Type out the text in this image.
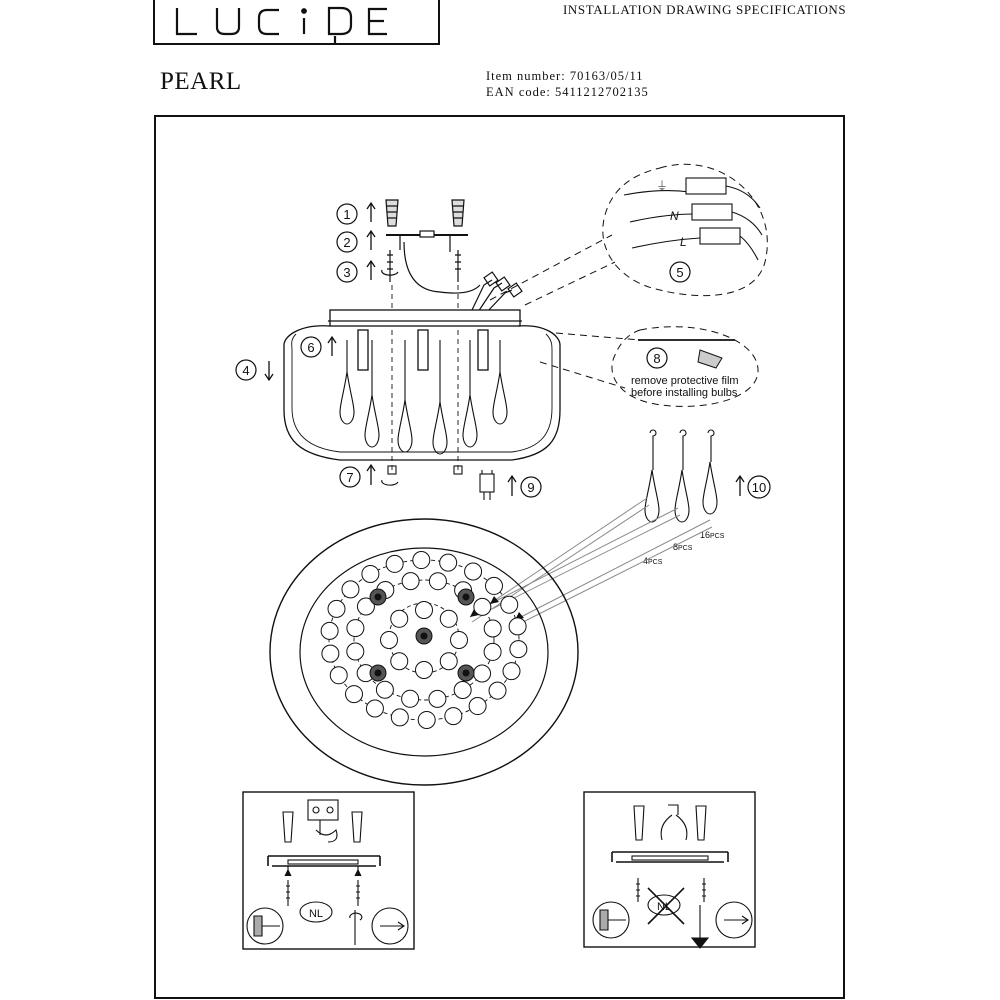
INSTALLATION DRAWING SPECIFICATIONS
PEARL	Item number: 70163/05/11
EAN code: 5411212702135
1
2
3
4
5
6
7
8
9	10
⏚
N
L
remove protective film
before installing bulbs
4PCS
8PCS
16PCS
NL
NL
